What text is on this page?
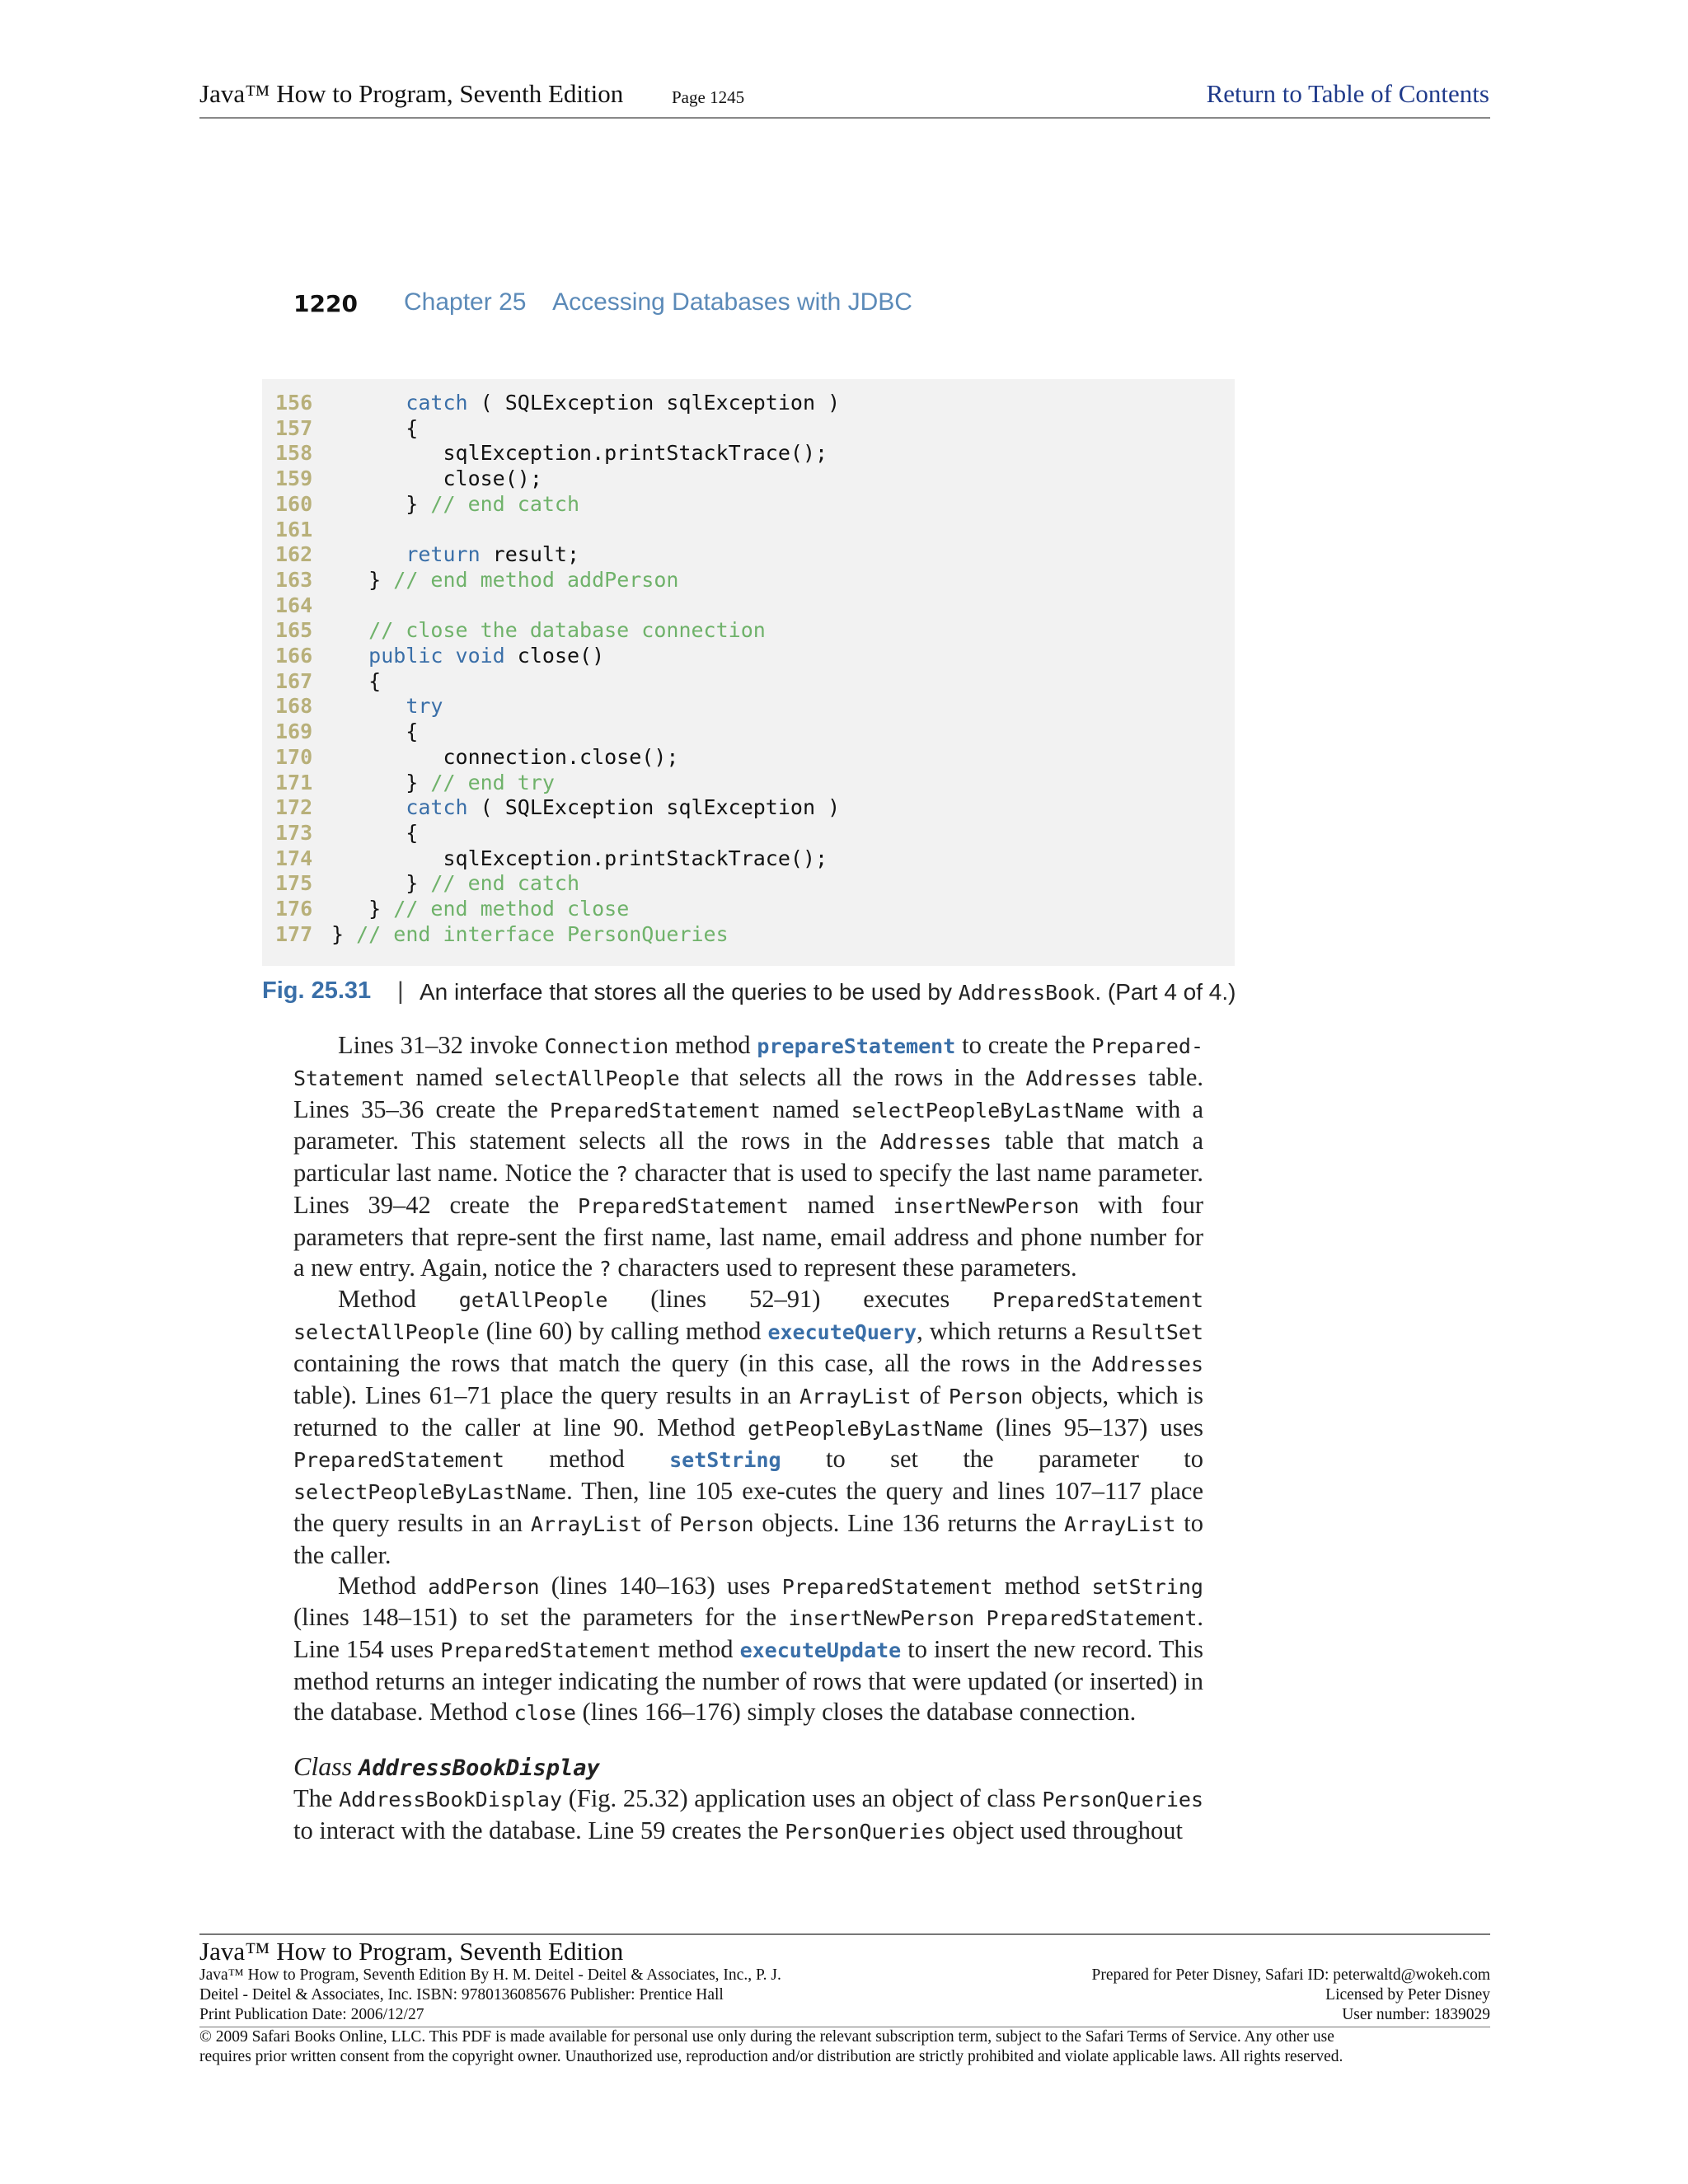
Java™ How to Program, Seventh Edition	Page 1245	Return to Table of Contents
1220 Chapter 25    Accessing Databases with JDBC
156	catch ( SQLException sqlException )
157      {
158         sqlException.printStackTrace();
159         close();
160      } // end catch
161
162	return result;
163   } // end method addPerson
164
165	// close the database connection
166	public void close()
167   {
168	try
169      {
170         connection.close();
171      } // end try
172	catch ( SQLException sqlException )
173      {
174         sqlException.printStackTrace();
175      } // end catch
176   } // end method close
177 } // end interface PersonQueries
Fig. 25.31 | An interface that stores all the queries to be used by AddressBook. (Part 4 of 4.)

Lines 31–32 invoke Connection method prepareStatement to create the Prepared-Statement named selectAllPeople that selects all the rows in the Addresses table. Lines 35–36 create the PreparedStatement named selectPeopleByLastName with a parameter. This statement selects all the rows in the Addresses table that match a particular last name. Notice the ? character that is used to specify the last name parameter. Lines 39–42 create the PreparedStatement named insertNewPerson with four parameters that repre-sent the first name, last name, email address and phone number for a new entry. Again, notice the ? characters used to represent these parameters.

Method getAllPeople (lines 52–91) executes PreparedStatement selectAllPeople (line 60) by calling method executeQuery, which returns a ResultSet containing the rows that match the query (in this case, all the rows in the Addresses table). Lines 61–71 place the query results in an ArrayList of Person objects, which is returned to the caller at line 90. Method getPeopleByLastName (lines 95–137) uses PreparedStatement method setString to set the parameter to selectPeopleByLastName. Then, line 105 exe-cutes the query and lines 107–117 place the query results in an ArrayList of Person objects. Line 136 returns the ArrayList to the caller.

Method addPerson (lines 140–163) uses PreparedStatement method setString (lines 148–151) to set the parameters for the insertNewPerson PreparedStatement. Line 154 uses PreparedStatement method executeUpdate to insert the new record. This method returns an integer indicating the number of rows that were updated (or inserted) in the database. Method close (lines 166–176) simply closes the database connection.

Class AddressBookDisplay

The AddressBookDisplay (Fig. 25.32) application uses an object of class PersonQueries to interact with the database. Line 59 creates the PersonQueries object used throughout

Java™ How to Program, Seventh Edition
Java™ How to Program, Seventh Edition By H. M. Deitel - Deitel & Associates, Inc., P. J.
Deitel - Deitel & Associates, Inc. ISBN: 9780136085676 Publisher: Prentice Hall
Print Publication Date: 2006/12/27
Prepared for Peter Disney, Safari ID: peterwaltd@wokeh.com
Licensed by Peter Disney
User number: 1839029
© 2009 Safari Books Online, LLC. This PDF is made available for personal use only during the relevant subscription term, subject to the Safari Terms of Service. Any other use
requires prior written consent from the copyright owner. Unauthorized use, reproduction and/or distribution are strictly prohibited and violate applicable laws. All rights reserved.
